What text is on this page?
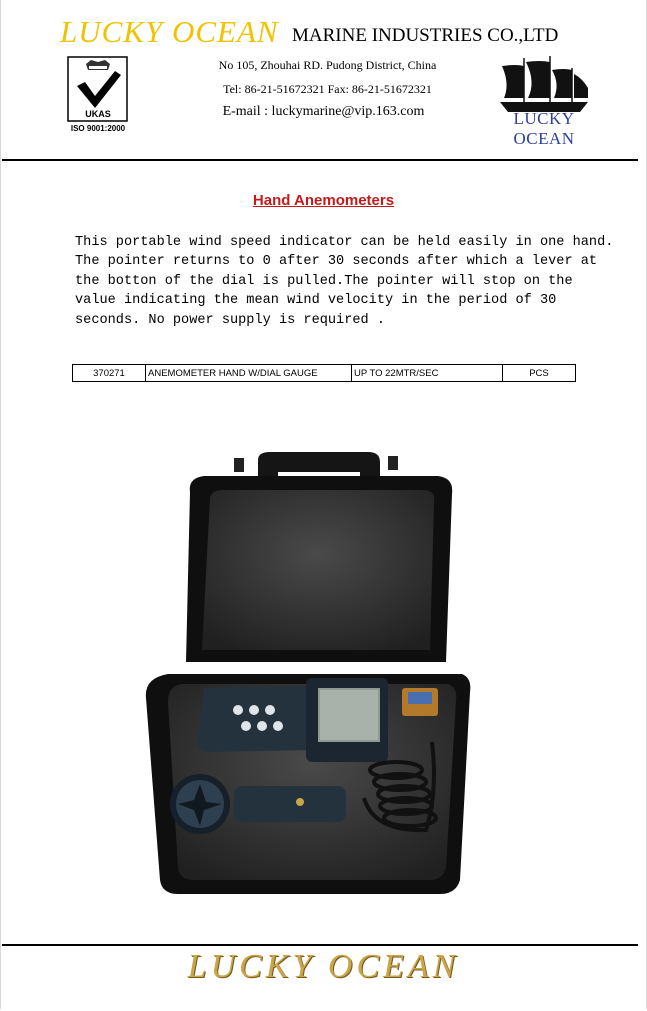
LUCKY OCEAN MARINE INDUSTRIES CO.,LTD
UKAS
ISO 9001:2000
No 105, Zhouhai RD. Pudong District, China
Tel: 86-21-51672321 Fax: 86-21-51672321
E-mail : luckymarine@vip.163.com	LUCKY OCEAN
Hand Anemometers
This portable wind speed indicator can be held easily in one hand.
The pointer returns to 0 after 30 seconds after which a lever at
the botton of the dial is pulled.The pointer will stop on the
value indicating the mean wind velocity in the period of 30
seconds. No power supply is required .
370271	ANEMOMETER HAND W/DIAL GAUGE	UP TO 22MTR/SEC	PCS
LUCKY OCEAN
